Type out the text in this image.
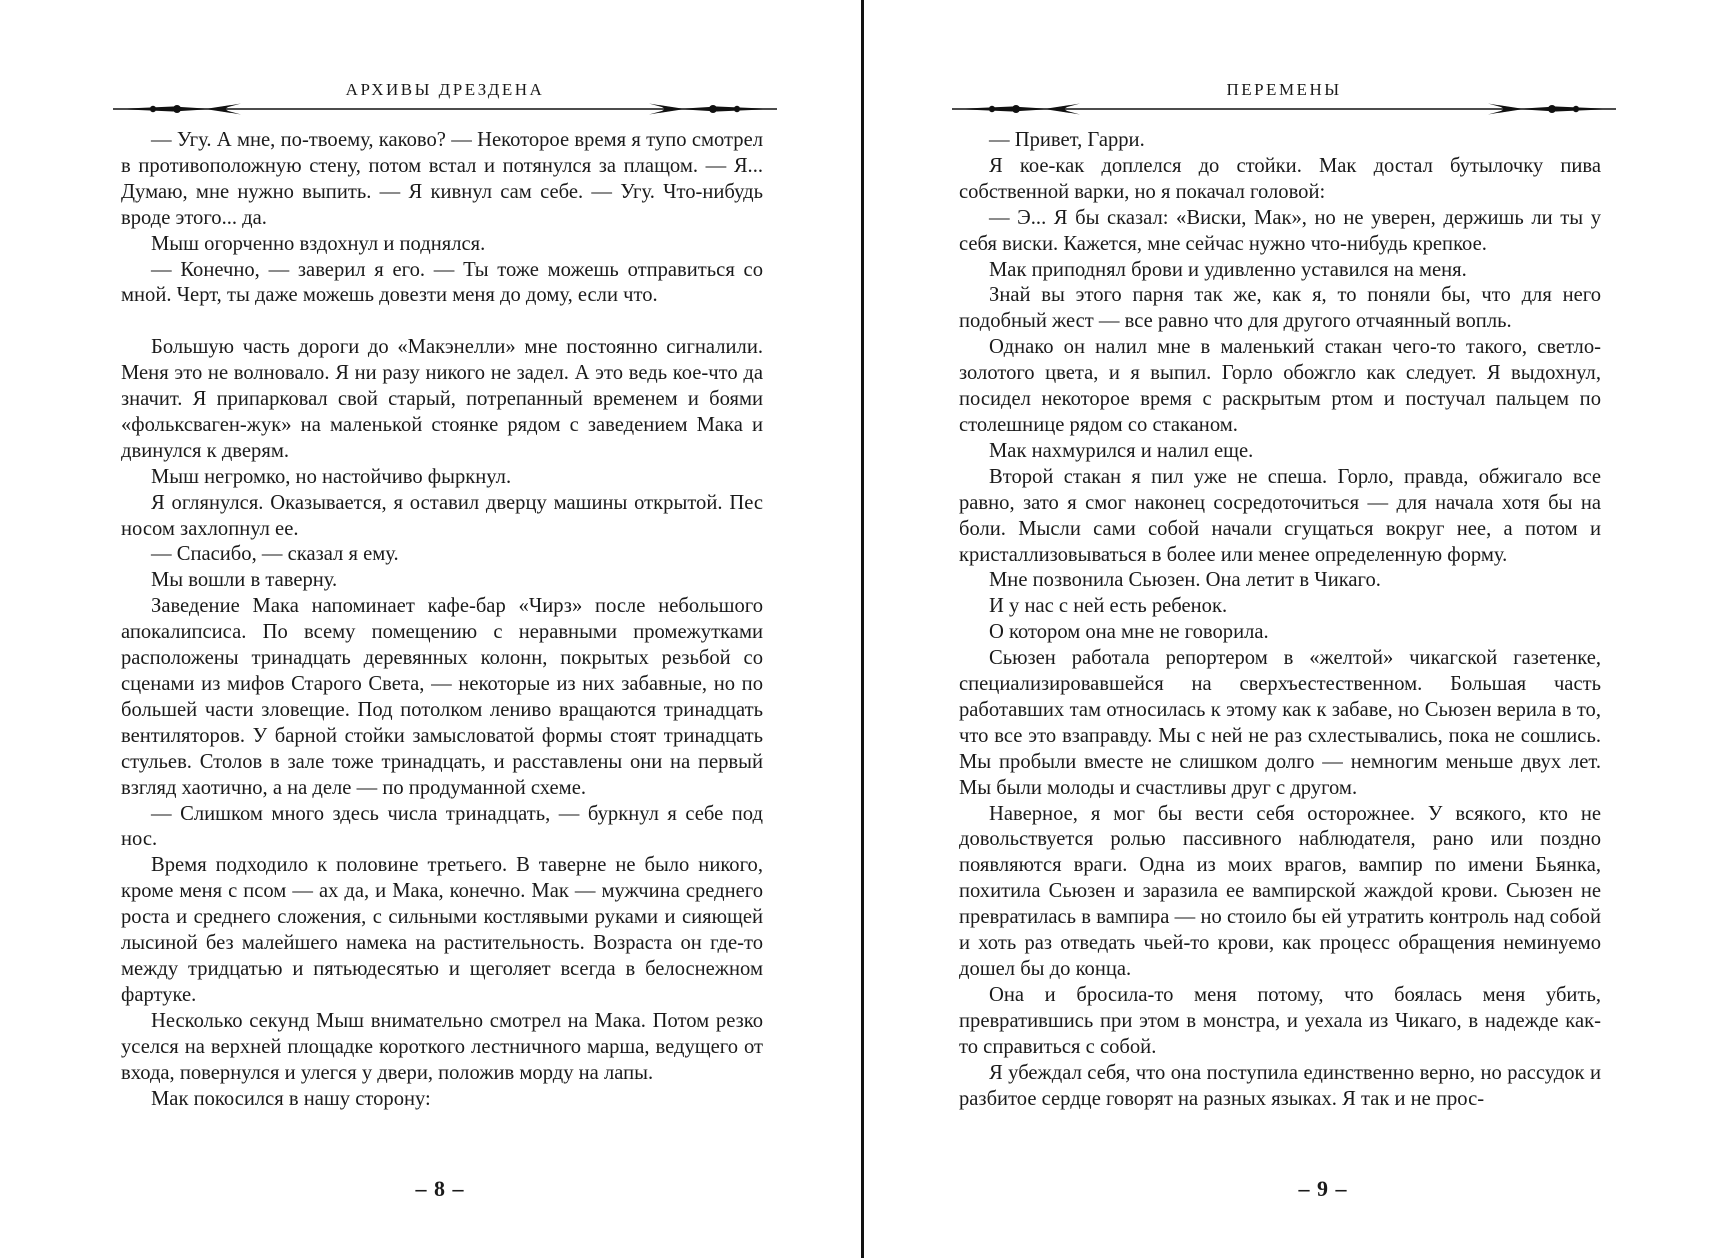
АРХИВЫ ДРЕЗДЕНА

— Угу. А мне, по-твоему, каково? — Некоторое время я тупо смотрел в противоположную стену, потом встал и потянулся за плащом. — Я... Думаю, мне нужно выпить. — Я кивнул сам себе. — Угу. Что-нибудь вроде этого... да.

Мыш огорченно вздохнул и поднялся.

— Конечно, — заверил я его. — Ты тоже можешь отправиться со мной. Черт, ты даже можешь довезти меня до дому, если что.

Большую часть дороги до «Макэнелли» мне постоянно сигналили. Меня это не волновало. Я ни разу никого не задел. А это ведь кое-что да значит. Я припарковал свой старый, потрепанный временем и боями «фольксваген-жук» на маленькой стоянке рядом с заведением Мака и двинулся к дверям.

Мыш негромко, но настойчиво фыркнул.

Я оглянулся. Оказывается, я оставил дверцу машины открытой. Пес носом захлопнул ее.

— Спасибо, — сказал я ему.

Мы вошли в таверну.

Заведение Мака напоминает кафе-бар «Чирз» после небольшого апокалипсиса. По всему помещению с неравными промежутками расположены тринадцать деревянных колонн, покрытых резьбой со сценами из мифов Старого Света, — некоторые из них забавные, но по большей части зловещие. Под потолком лениво вращаются тринадцать вентиляторов. У барной стойки замысловатой формы стоят тринадцать стульев. Столов в зале тоже тринадцать, и расставлены они на первый взгляд хаотично, а на деле — по продуманной схеме.

— Слишком много здесь числа тринадцать, — буркнул я себе под нос.

Время подходило к половине третьего. В таверне не было никого, кроме меня с псом — ах да, и Мака, конечно. Мак — мужчина среднего роста и среднего сложения, с сильными костлявыми руками и сияющей лысиной без малейшего намека на растительность. Возраста он где-то между тридцатью и пятьюдесятью и щеголяет всегда в белоснежном фартуке.

Несколько секунд Мыш внимательно смотрел на Мака. Потом резко уселся на верхней площадке короткого лестничного марша, ведущего от входа, повернулся и улегся у двери, положив морду на лапы.

Мак покосился в нашу сторону:

– 8 –
ПЕРЕМЕНЫ

— Привет, Гарри.

Я кое-как доплелся до стойки. Мак достал бутылочку пива собственной варки, но я покачал головой:

— Э... Я бы сказал: «Виски, Мак», но не уверен, держишь ли ты у себя виски. Кажется, мне сейчас нужно что-нибудь крепкое.

Мак приподнял брови и удивленно уставился на меня.

Знай вы этого парня так же, как я, то поняли бы, что для него подобный жест — все равно что для другого отчаянный вопль.

Однако он налил мне в маленький стакан чего-то такого, светло-золотого цвета, и я выпил. Горло обожгло как следует. Я выдохнул, посидел некоторое время с раскрытым ртом и постучал пальцем по столешнице рядом со стаканом.

Мак нахмурился и налил еще.

Второй стакан я пил уже не спеша. Горло, правда, обжигало все равно, зато я смог наконец сосредоточиться — для начала хотя бы на боли. Мысли сами собой начали сгущаться вокруг нее, а потом и кристаллизовываться в более или менее определенную форму.

Мне позвонила Сьюзен. Она летит в Чикаго.

И у нас с ней есть ребенок.

О котором она мне не говорила.

Сьюзен работала репортером в «желтой» чикагской газетенке, специализировавшейся на сверхъестественном. Большая часть работавших там относилась к этому как к забаве, но Сьюзен верила в то, что все это взаправду. Мы с ней не раз схлестывались, пока не сошлись. Мы пробыли вместе не слишком долго — немногим меньше двух лет. Мы были молоды и счастливы друг с другом.

Наверное, я мог бы вести себя осторожнее. У всякого, кто не довольствуется ролью пассивного наблюдателя, рано или поздно появляются враги. Одна из моих врагов, вампир по имени Бьянка, похитила Сьюзен и заразила ее вампирской жаждой крови. Сьюзен не превратилась в вампира — но стоило бы ей утратить контроль над собой и хоть раз отведать чьей-то крови, как процесс обращения неминуемо дошел бы до конца.

Она и бросила-то меня потому, что боялась меня убить, превратившись при этом в монстра, и уехала из Чикаго, в надежде как-то справиться с собой.

Я убеждал себя, что она поступила единственно верно, но рассудок и разбитое сердце говорят на разных языках. Я так и не прос-

– 9 –
